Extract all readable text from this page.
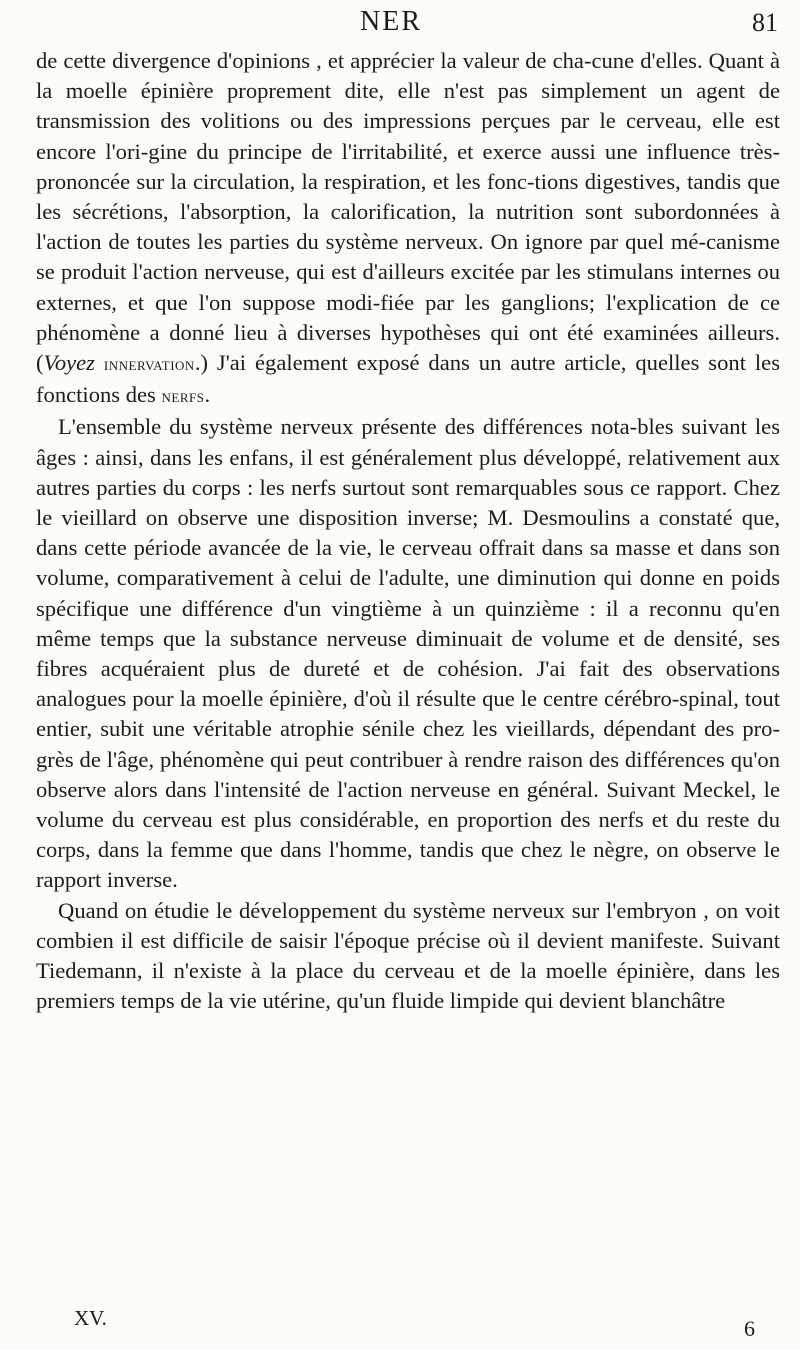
NER	81

de cette divergence d'opinions , et apprécier la valeur de cha-cune d'elles. Quant à la moelle épinière proprement dite, elle n'est pas simplement un agent de transmission des volitions ou des impressions perçues par le cerveau, elle est encore l'ori-gine du principe de l'irritabilité, et exerce aussi une influence très-prononcée sur la circulation, la respiration, et les fonc-tions digestives, tandis que les sécrétions, l'absorption, la calorification, la nutrition sont subordonnées à l'action de toutes les parties du système nerveux. On ignore par quel mé-canisme se produit l'action nerveuse, qui est d'ailleurs excitée par les stimulans internes ou externes, et que l'on suppose modi-fiée par les ganglions; l'explication de ce phénomène a donné lieu à diverses hypothèses qui ont été examinées ailleurs. (Voyez innervation.) J'ai également exposé dans un autre article, quelles sont les fonctions des nerfs.

L'ensemble du système nerveux présente des différences nota-bles suivant les âges : ainsi, dans les enfans, il est généralement plus développé, relativement aux autres parties du corps : les nerfs surtout sont remarquables sous ce rapport. Chez le vieillard on observe une disposition inverse; M. Desmoulins a constaté que, dans cette période avancée de la vie, le cerveau offrait dans sa masse et dans son volume, comparativement à celui de l'adulte, une diminution qui donne en poids spécifique une différence d'un vingtième à un quinzième : il a reconnu qu'en même temps que la substance nerveuse diminuait de volume et de densité, ses fibres acquéraient plus de dureté et de cohésion. J'ai fait des observations analogues pour la moelle épinière, d'où il résulte que le centre cérébro-spinal, tout entier, subit une véritable atrophie sénile chez les vieillards, dépendant des pro-grès de l'âge, phénomène qui peut contribuer à rendre raison des différences qu'on observe alors dans l'intensité de l'action nerveuse en général. Suivant Meckel, le volume du cerveau est plus considérable, en proportion des nerfs et du reste du corps, dans la femme que dans l'homme, tandis que chez le nègre, on observe le rapport inverse.

Quand on étudie le développement du système nerveux sur l'embryon , on voit combien il est difficile de saisir l'époque précise où il devient manifeste. Suivant Tiedemann, il n'existe à la place du cerveau et de la moelle épinière, dans les premiers temps de la vie utérine, qu'un fluide limpide qui devient blanchâtre

XV.	6
